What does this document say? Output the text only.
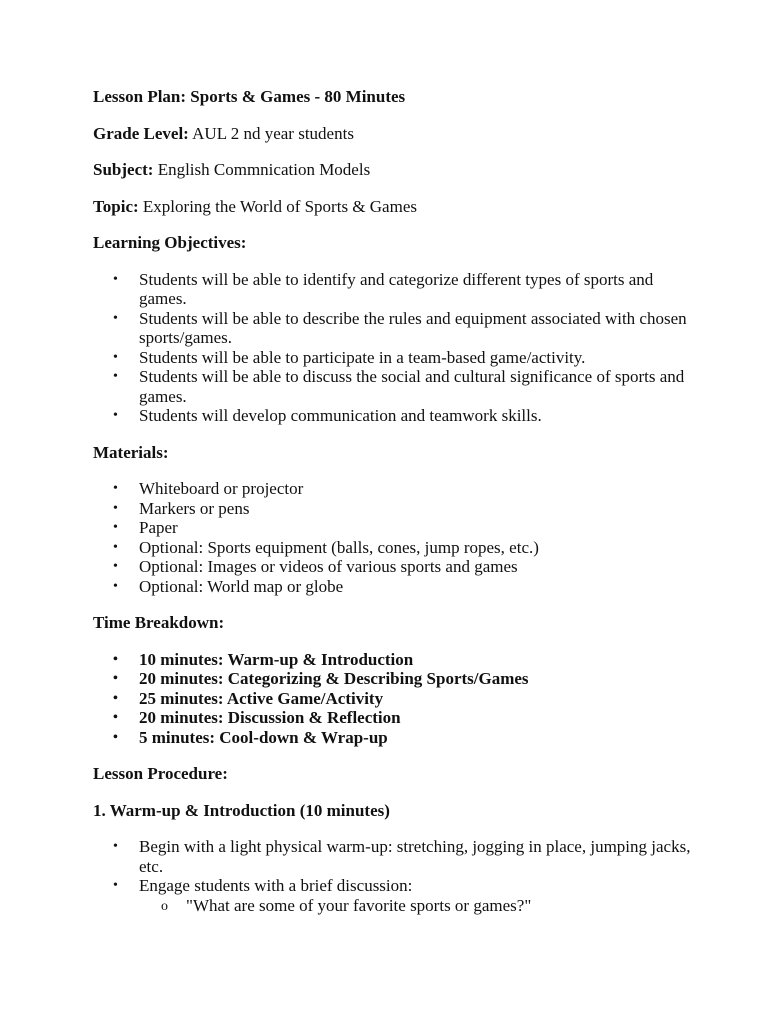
Lesson Plan: Sports & Games - 80 Minutes

Grade Level: AUL 2 nd year students

Subject: English Commnication Models

Topic: Exploring the World of Sports & Games

Learning Objectives:

• Students will be able to identify and categorize different types of sports and games.
• Students will be able to describe the rules and equipment associated with chosen sports/games.
• Students will be able to participate in a team-based game/activity.
• Students will be able to discuss the social and cultural significance of sports and games.
• Students will develop communication and teamwork skills.

Materials:

• Whiteboard or projector
• Markers or pens
• Paper
• Optional: Sports equipment (balls, cones, jump ropes, etc.)
• Optional: Images or videos of various sports and games
• Optional: World map or globe

Time Breakdown:

• 10 minutes: Warm-up & Introduction
• 20 minutes: Categorizing & Describing Sports/Games
• 25 minutes: Active Game/Activity
• 20 minutes: Discussion & Reflection
• 5 minutes: Cool-down & Wrap-up

Lesson Procedure:

1. Warm-up & Introduction (10 minutes)

• Begin with a light physical warm-up: stretching, jogging in place, jumping jacks, etc.
• Engage students with a brief discussion:
o "What are some of your favorite sports or games?"
